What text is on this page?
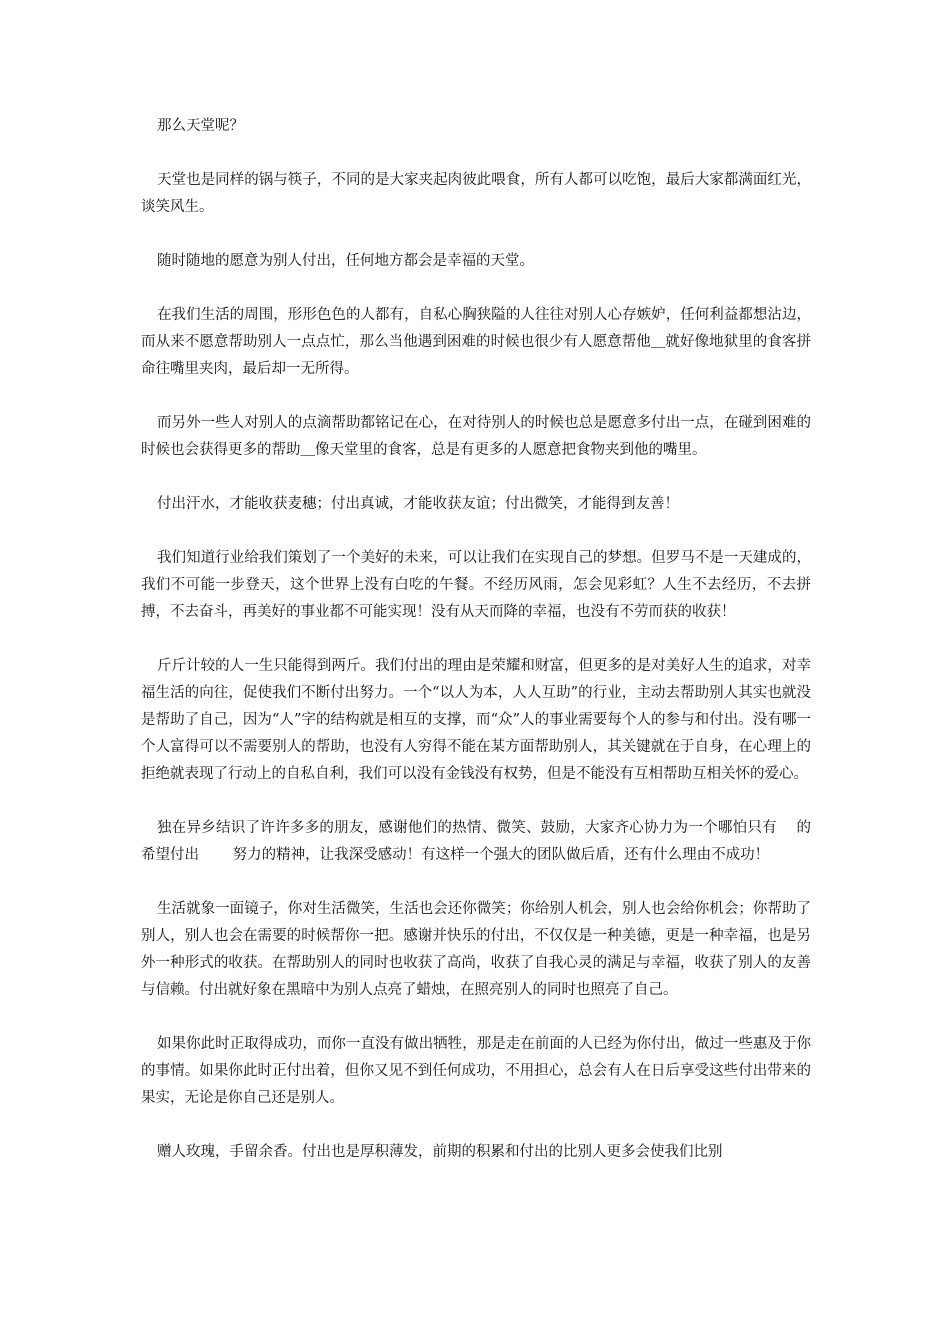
那么天堂呢？

天堂也是同样的锅与筷子，不同的是大家夹起肉彼此喂食，所有人都可以吃饱，最后大家都满面红光，谈笑风生。

随时随地的愿意为别人付出，任何地方都会是幸福的天堂。

在我们生活的周围，形形色色的人都有，自私心胸狭隘的人往往对别人心存嫉妒，任何利益都想沾边，而从来不愿意帮助别人一点点忙，那么当他遇到困难的时候也很少有人愿意帮他＿就好像地狱里的食客拼命往嘴里夹肉，最后却一无所得。

而另外一些人对别人的点滴帮助都铭记在心，在对待别人的时候也总是愿意多付出一点，在碰到困难的时候也会获得更多的帮助＿像天堂里的食客，总是有更多的人愿意把食物夹到他的嘴里。

付出汗水，才能收获麦穗；付出真诚，才能收获友谊；付出微笑，才能得到友善！

我们知道行业给我们策划了一个美好的未来，可以让我们在实现自己的梦想。但罗马不是一天建成的，我们不可能一步登天，这个世界上没有白吃的午餐。不经历风雨，怎会见彩虹？人生不去经历，不去拼搏，不去奋斗，再美好的事业都不可能实现！没有从天而降的幸福，也没有不劳而获的收获！

斤斤计较的人一生只能得到两斤。我们付出的理由是荣耀和财富，但更多的是对美好人生的追求，对幸福生活的向往，促使我们不断付出努力。一个“以人为本，人人互助”的行业，主动去帮助别人其实也就没是帮助了自己，因为“人”字的结构就是相互的支撑，而“众”人的事业需要每个人的参与和付出。没有哪一个人富得可以不需要别人的帮助，也没有人穷得不能在某方面帮助别人，其关键就在于自身，在心理上的拒绝就表现了行动上的自私自利，我们可以没有金钱没有权势，但是不能没有互相帮助互相关怀的爱心。

独在异乡结识了许许多多的朋友，感谢他们的热情、微笑、鼓励，大家齐心协力为一个哪怕只有　 的希望付出　　 努力的精神，让我深受感动！有这样一个强大的团队做后盾，还有什么理由不成功！

生活就象一面镜子，你对生活微笑，生活也会还你微笑；你给别人机会，别人也会给你机会；你帮助了别人，别人也会在需要的时候帮你一把。感谢并快乐的付出，不仅仅是一种美德，更是一种幸福，也是另外一种形式的收获。在帮助别人的同时也收获了高尚，收获了自我心灵的满足与幸福，收获了别人的友善与信赖。付出就好象在黑暗中为别人点亮了蜡烛，在照亮别人的同时也照亮了自己。

如果你此时正取得成功，而你一直没有做出牺牲，那是走在前面的人已经为你付出，做过一些惠及于你的事情。如果你此时正付出着，但你又见不到任何成功，不用担心，总会有人在日后享受这些付出带来的果实，无论是你自己还是别人。

赠人玫瑰，手留余香。付出也是厚积薄发，前期的积累和付出的比别人更多会使我们比别
